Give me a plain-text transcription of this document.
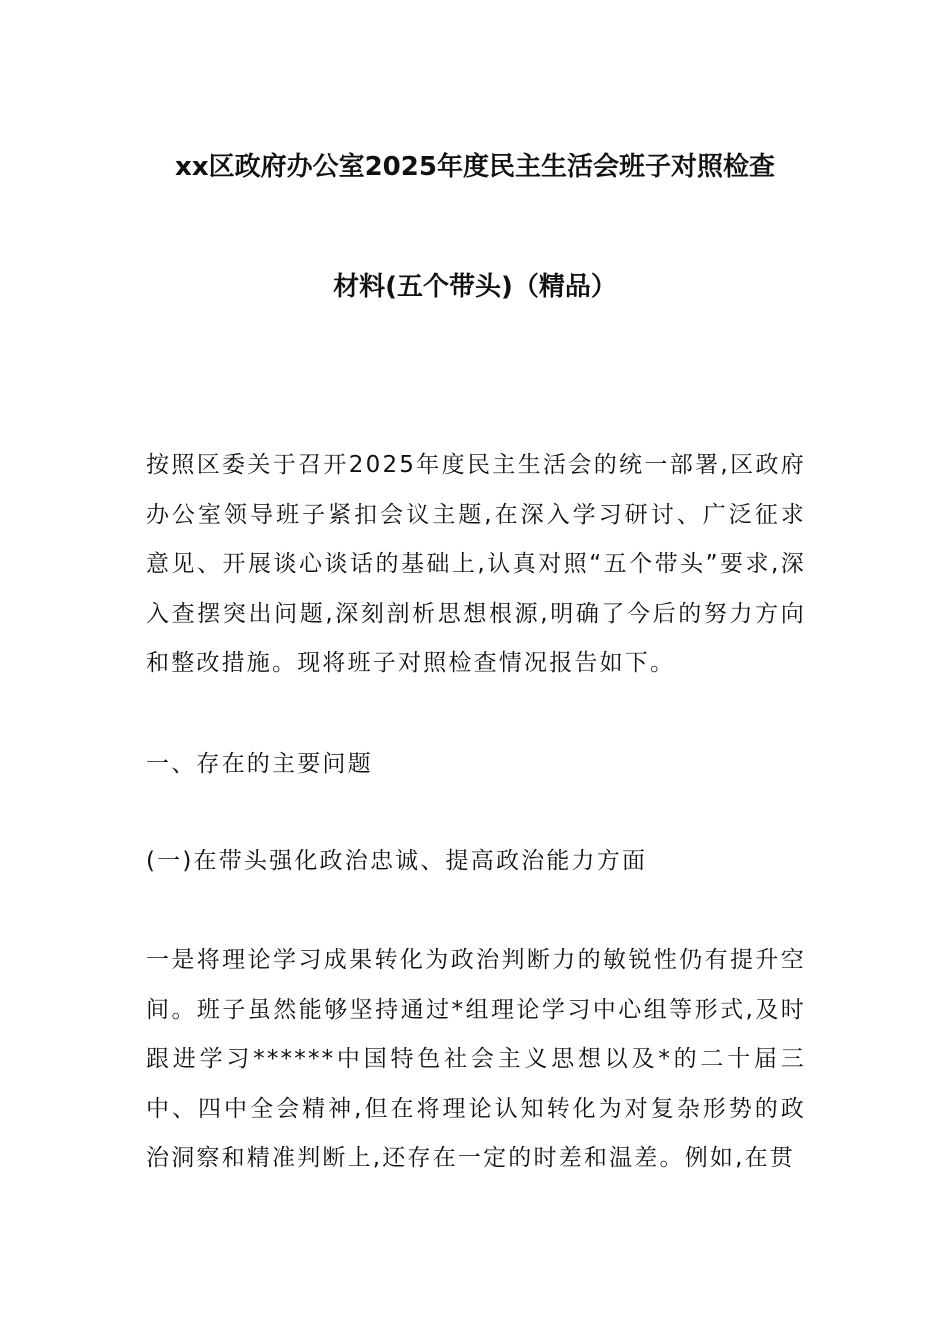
xx区政府办公室2025年度民主生活会班子对照检查
材料(五个带头)（精品）
按照区委关于召开2025年度民主生活会的统一部署,区政府办公室领导班子紧扣会议主题,在深入学习研讨、广泛征求意见、开展谈心谈话的基础上,认真对照“五个带头”要求,深入查摆突出问题,深刻剖析思想根源,明确了今后的努力方向和整改措施。现将班子对照检查情况报告如下。
一、存在的主要问题
(一)在带头强化政治忠诚、提高政治能力方面
一是将理论学习成果转化为政治判断力的敏锐性仍有提升空间。班子虽然能够坚持通过*组理论学习中心组等形式,及时跟进学习******中国特色社会主义思想以及*的二十届三中、四中全会精神,但在将理论认知转化为对复杂形势的政治洞察和精准判断上,还存在一定的时差和温差。例如,在贯
